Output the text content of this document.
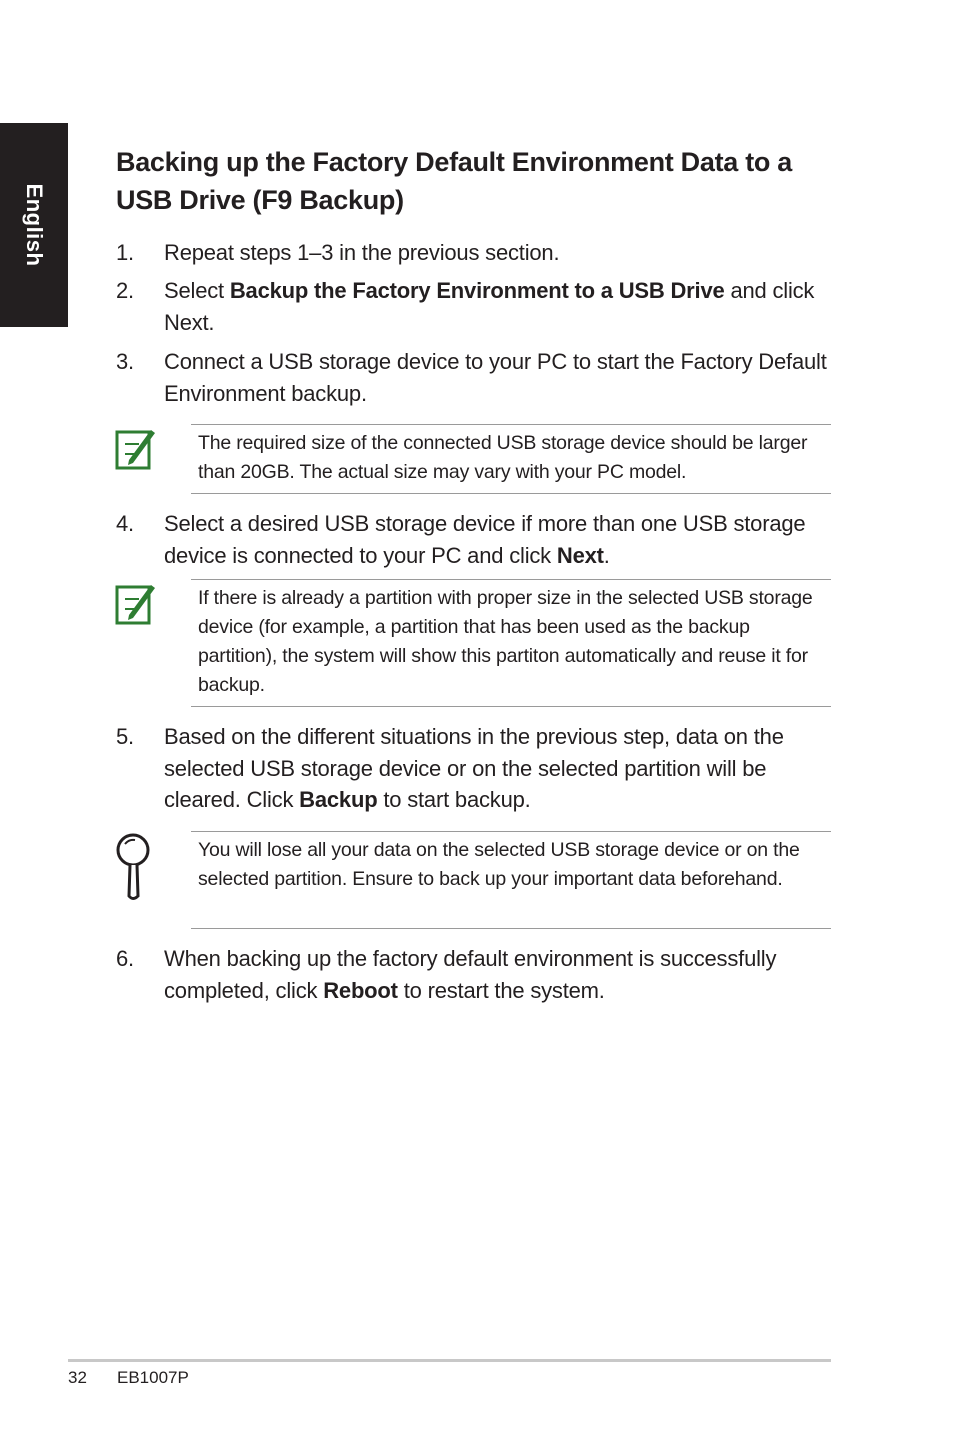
English
Backing up the Factory Default Environment Data to a USB Drive (F9 Backup)
1. Repeat steps 1–3 in the previous section.
2. Select Backup the Factory Environment to a USB Drive and click Next.
3. Connect a USB storage device to your PC to start the Factory Default Environment backup.
The required size of the connected USB storage device should be larger than 20GB. The actual size may vary with your PC model.
4. Select a desired USB storage device if more than one USB storage device is connected to your PC and click Next.
If there is already a partition with proper size in the selected USB storage device (for example, a partition that has been used as the backup partition), the system will show this partiton automatically and reuse it for backup.
5. Based on the different situations in the previous step, data on the selected USB storage device or on the selected partition will be cleared. Click Backup to start backup.
You will lose all your data on the selected USB storage device or on the selected partition. Ensure to back up your important data beforehand.
6. When backing up the factory default environment is successfully completed, click Reboot to restart the system.
32 EB1007P
